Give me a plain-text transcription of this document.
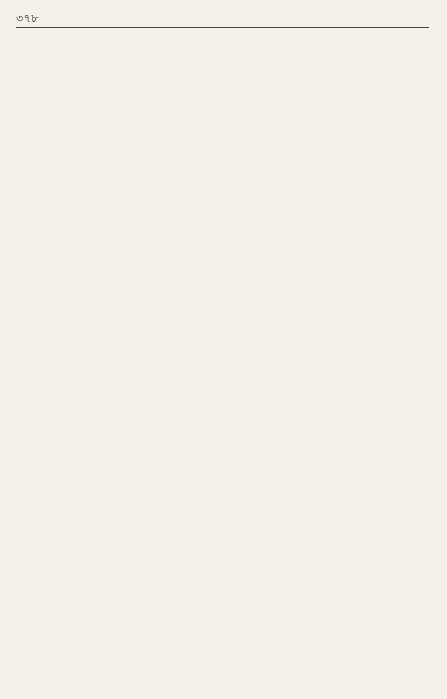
৩৭৮
